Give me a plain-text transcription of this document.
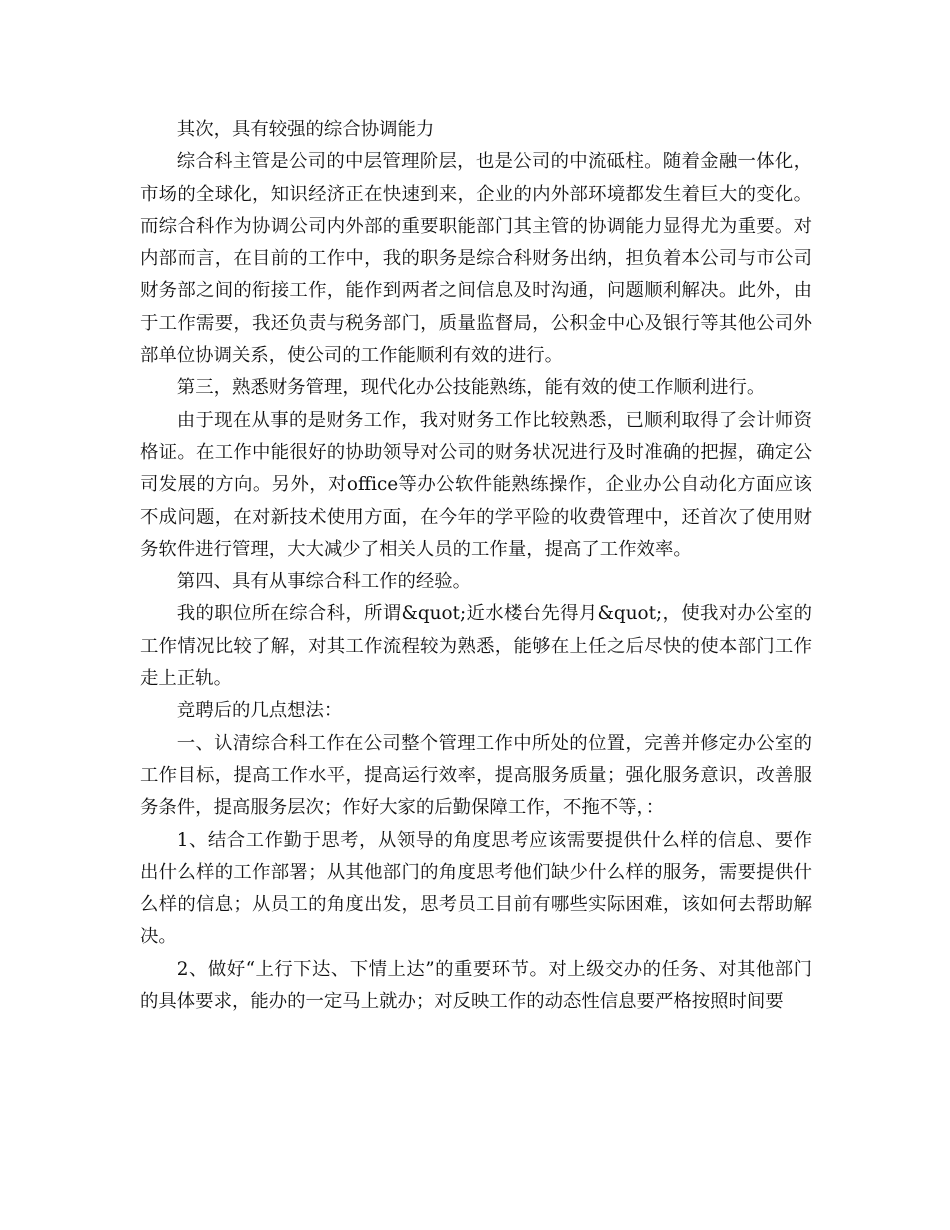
其次，具有较强的综合协调能力

综合科主管是公司的中层管理阶层，也是公司的中流砥柱。随着金融一体化，市场的全球化，知识经济正在快速到来，企业的内外部环境都发生着巨大的变化。而综合科作为协调公司内外部的重要职能部门其主管的协调能力显得尤为重要。对内部而言，在目前的工作中，我的职务是综合科财务出纳，担负着本公司与市公司财务部之间的衔接工作，能作到两者之间信息及时沟通，问题顺利解决。此外，由于工作需要，我还负责与税务部门，质量监督局，公积金中心及银行等其他公司外部单位协调关系，使公司的工作能顺利有效的进行。

第三，熟悉财务管理，现代化办公技能熟练，能有效的使工作顺利进行。

由于现在从事的是财务工作，我对财务工作比较熟悉，已顺利取得了会计师资格证。在工作中能很好的协助领导对公司的财务状况进行及时准确的把握，确定公司发展的方向。另外，对office等办公软件能熟练操作，企业办公自动化方面应该不成问题，在对新技术使用方面，在今年的学平险的收费管理中，还首次了使用财务软件进行管理，大大减少了相关人员的工作量，提高了工作效率。

第四、具有从事综合科工作的经验。

我的职位所在综合科，所谓&quot;近水楼台先得月&quot;，使我对办公室的工作情况比较了解，对其工作流程较为熟悉，能够在上任之后尽快的使本部门工作走上正轨。

竞聘后的几点想法：

一、认清综合科工作在公司整个管理工作中所处的位置，完善并修定办公室的工作目标，提高工作水平，提高运行效率，提高服务质量；强化服务意识，改善服务条件，提高服务层次；作好大家的后勤保障工作，不拖不等，：

1、结合工作勤于思考，从领导的角度思考应该需要提供什么样的信息、要作出什么样的工作部署；从其他部门的角度思考他们缺少什么样的服务，需要提供什么样的信息；从员工的角度出发，思考员工目前有哪些实际困难，该如何去帮助解决。

2、做好“上行下达、下情上达”的重要环节。对上级交办的任务、对其他部门的具体要求，能办的一定马上就办；对反映工作的动态性信息要严格按照时间要
